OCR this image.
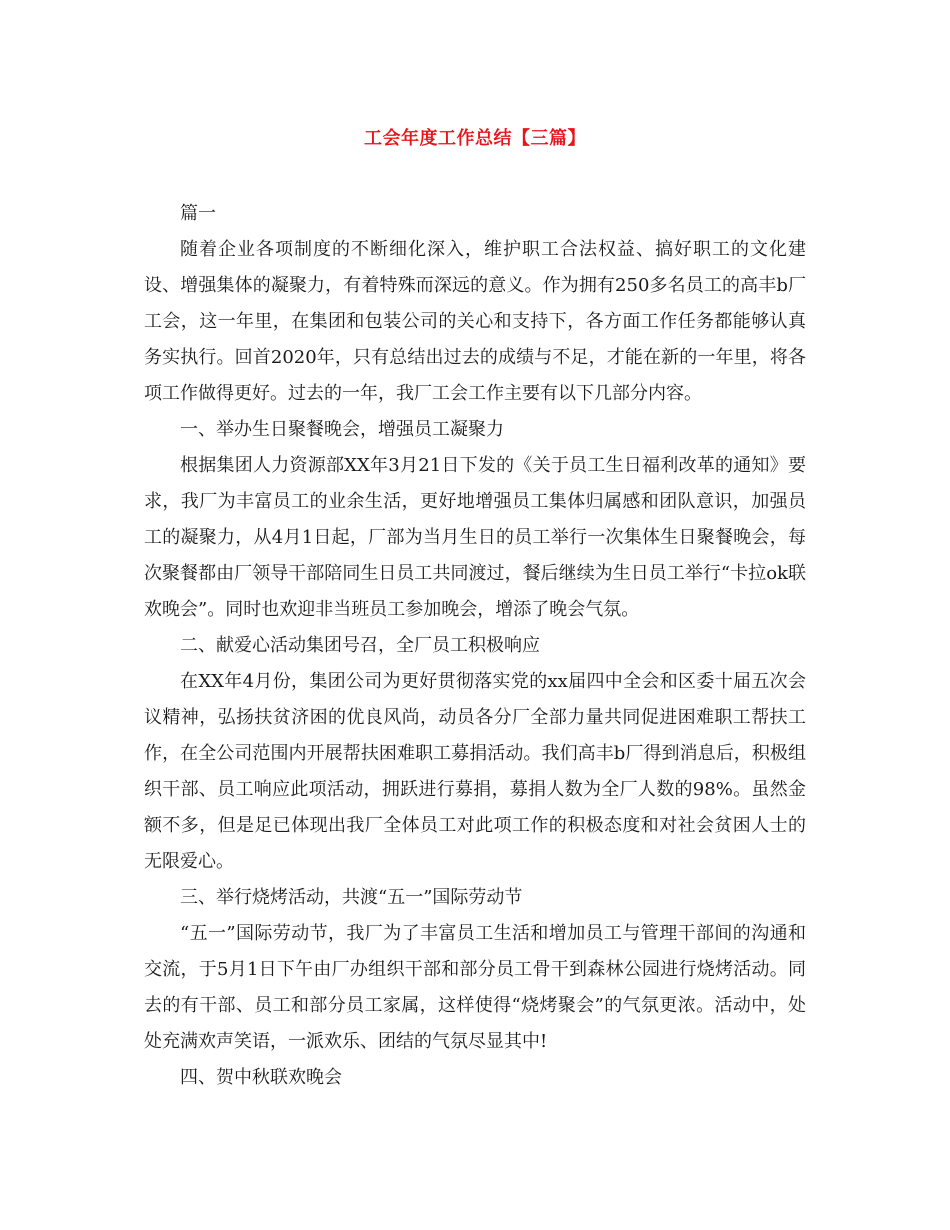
工会年度工作总结【三篇】

篇一

随着企业各项制度的不断细化深入，维护职工合法权益、搞好职工的文化建设、增强集体的凝聚力，有着特殊而深远的意义。作为拥有250多名员工的高丰b厂工会，这一年里，在集团和包装公司的关心和支持下，各方面工作任务都能够认真务实执行。回首2020年，只有总结出过去的成绩与不足，才能在新的一年里，将各项工作做得更好。过去的一年，我厂工会工作主要有以下几部分内容。

一、举办生日聚餐晚会，增强员工凝聚力

根据集团人力资源部XX年3月21日下发的《关于员工生日福利改革的通知》要求，我厂为丰富员工的业余生活，更好地增强员工集体归属感和团队意识，加强员工的凝聚力，从4月1日起，厂部为当月生日的员工举行一次集体生日聚餐晚会，每次聚餐都由厂领导干部陪同生日员工共同渡过，餐后继续为生日员工举行“卡拉ok联欢晚会”。同时也欢迎非当班员工参加晚会，增添了晚会气氛。

二、献爱心活动集团号召，全厂员工积极响应

在XX年4月份，集团公司为更好贯彻落实党的xx届四中全会和区委十届五次会议精神，弘扬扶贫济困的优良风尚，动员各分厂全部力量共同促进困难职工帮扶工作，在全公司范围内开展帮扶困难职工募捐活动。我们高丰b厂得到消息后，积极组织干部、员工响应此项活动，拥跃进行募捐，募捐人数为全厂人数的98%。虽然金额不多，但是足已体现出我厂全体员工对此项工作的积极态度和对社会贫困人士的无限爱心。

三、举行烧烤活动，共渡“五一”国际劳动节

“五一”国际劳动节，我厂为了丰富员工生活和增加员工与管理干部间的沟通和交流，于5月1日下午由厂办组织干部和部分员工骨干到森林公园进行烧烤活动。同去的有干部、员工和部分员工家属，这样使得“烧烤聚会”的气氛更浓。活动中，处处充满欢声笑语，一派欢乐、团结的气氛尽显其中!

四、贺中秋联欢晚会
